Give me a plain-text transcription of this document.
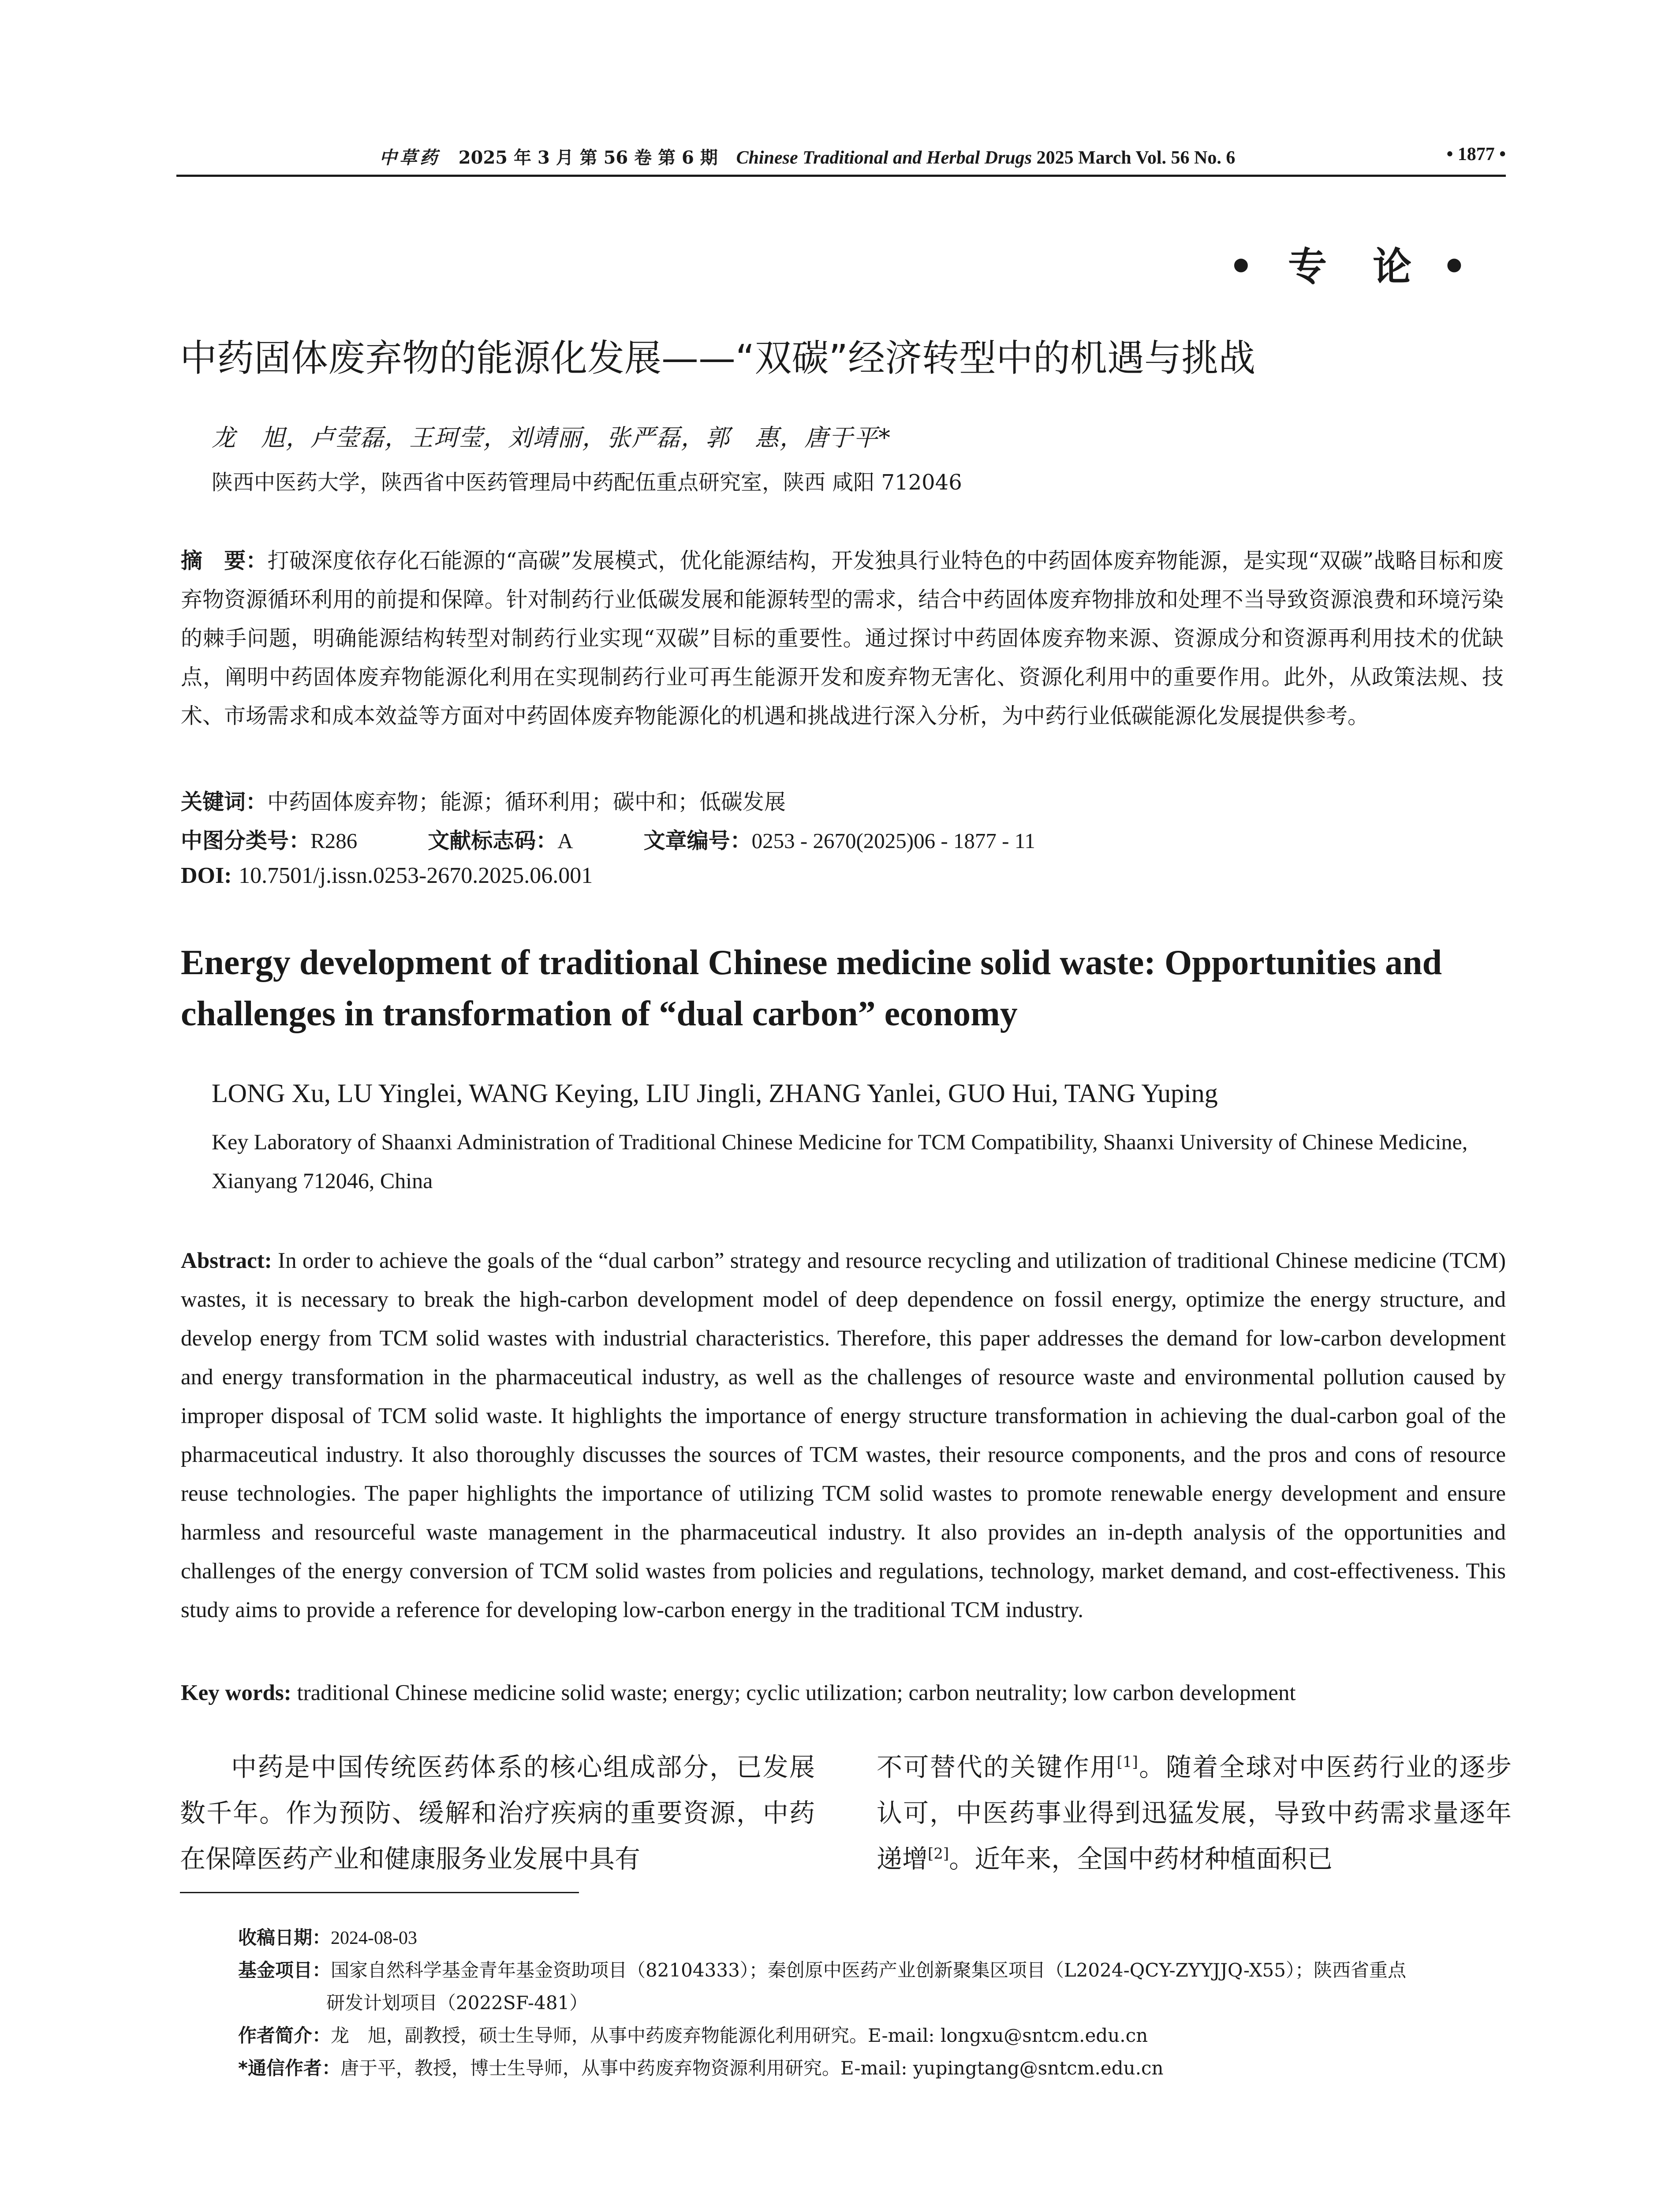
中草药 2025 年 3 月 第 56 卷 第 6 期 Chinese Traditional and Herbal Drugs 2025 March Vol. 56 No. 6	• 1877 •
• 专 论 •
中药固体废弃物的能源化发展——“双碳”经济转型中的机遇与挑战
龙　旭，卢莹磊，王珂莹，刘靖丽，张严磊，郭　惠，唐于平*
陕西中医药大学，陕西省中医药管理局中药配伍重点研究室，陕西 咸阳 712046
摘　要：打破深度依存化石能源的“高碳”发展模式，优化能源结构，开发独具行业特色的中药固体废弃物能源，是实现“双碳”战略目标和废弃物资源循环利用的前提和保障。针对制药行业低碳发展和能源转型的需求，结合中药固体废弃物排放和处理不当导致资源浪费和环境污染的棘手问题，明确能源结构转型对制药行业实现“双碳”目标的重要性。通过探讨中药固体废弃物来源、资源成分和资源再利用技术的优缺点，阐明中药固体废弃物能源化利用在实现制药行业可再生能源开发和废弃物无害化、资源化利用中的重要作用。此外，从政策法规、技术、市场需求和成本效益等方面对中药固体废弃物能源化的机遇和挑战进行深入分析，为中药行业低碳能源化发展提供参考。
关键词：中药固体废弃物；能源；循环利用；碳中和；低碳发展
中图分类号：R286	文献标志码：A	文章编号：0253 - 2670(2025)06 - 1877 - 11
DOI: 10.7501/j.issn.0253-2670.2025.06.001
Energy development of traditional Chinese medicine solid waste: Opportunities and challenges in transformation of “dual carbon” economy
LONG Xu, LU Yinglei, WANG Keying, LIU Jingli, ZHANG Yanlei, GUO Hui, TANG Yuping
Key Laboratory of Shaanxi Administration of Traditional Chinese Medicine for TCM Compatibility, Shaanxi University of Chinese Medicine, Xianyang 712046, China
Abstract: In order to achieve the goals of the “dual carbon” strategy and resource recycling and utilization of traditional Chinese medicine (TCM) wastes, it is necessary to break the high-carbon development model of deep dependence on fossil energy, optimize the energy structure, and develop energy from TCM solid wastes with industrial characteristics. Therefore, this paper addresses the demand for low-carbon development and energy transformation in the pharmaceutical industry, as well as the challenges of resource waste and environmental pollution caused by improper disposal of TCM solid waste. It highlights the importance of energy structure transformation in achieving the dual-carbon goal of the pharmaceutical industry. It also thoroughly discusses the sources of TCM wastes, their resource components, and the pros and cons of resource reuse technologies. The paper highlights the importance of utilizing TCM solid wastes to promote renewable energy development and ensure harmless and resourceful waste management in the pharmaceutical industry. It also provides an in-depth analysis of the opportunities and challenges of the energy conversion of TCM solid wastes from policies and regulations, technology, market demand, and cost-effectiveness. This study aims to provide a reference for developing low-carbon energy in the traditional TCM industry.
Key words: traditional Chinese medicine solid waste; energy; cyclic utilization; carbon neutrality; low carbon development
中药是中国传统医药体系的核心组成部分，已发展数千年。作为预防、缓解和治疗疾病的重要资源，中药在保障医药产业和健康服务业发展中具有
不可替代的关键作用[1]。随着全球对中医药行业的逐步认可，中医药事业得到迅猛发展，导致中药需求量逐年递增[2]。近年来，全国中药材种植面积已
收稿日期：2024-08-03
基金项目：国家自然科学基金青年基金资助项目（82104333）；秦创原中医药产业创新聚集区项目（L2024-QCY-ZYYJJQ-X55）；陕西省重点
研发计划项目（2022SF-481）
作者简介：龙　旭，副教授，硕士生导师，从事中药废弃物能源化利用研究。E-mail: longxu@sntcm.edu.cn
*通信作者：唐于平，教授，博士生导师，从事中药废弃物资源利用研究。E-mail: yupingtang@sntcm.edu.cn
